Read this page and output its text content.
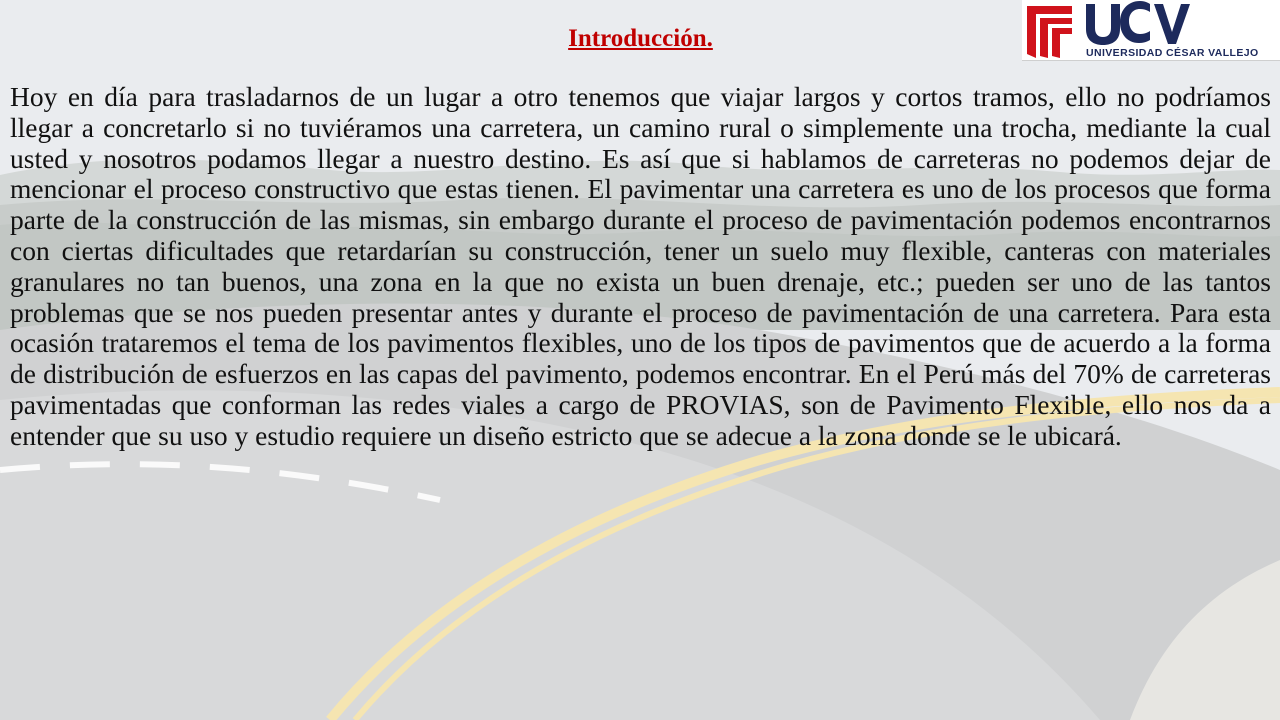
UNIVERSIDAD CÉSAR VALLEJO
Introducción.

Hoy en día para trasladarnos de un lugar a otro tenemos que viajar largos y cortos tramos, ello no podríamos llegar a concretarlo si no tuviéramos una carretera, un camino rural o simplemente una trocha, mediante la cual usted y nosotros podamos llegar a nuestro destino. Es así que si hablamos de carreteras no podemos dejar de mencionar el proceso constructivo que estas tienen. El pavimentar una carretera es uno de los procesos que forma parte de la construcción de las mismas, sin embargo durante el proceso de pavimentación podemos encontrarnos con ciertas dificultades que retardarían su construcción, tener un suelo muy flexible, canteras con materiales granulares no tan buenos, una zona en la que no exista un buen drenaje, etc.; pueden ser uno de las tantos problemas que se nos pueden presentar antes y durante el proceso de pavimentación de una carretera. Para esta ocasión trataremos el tema de los pavimentos flexibles, uno de los tipos de pavimentos que de acuerdo a la forma de distribución de esfuerzos en las capas del pavimento, podemos encontrar. En el Perú más del 70% de carreteras pavimentadas que conforman las redes viales a cargo de PROVIAS, son de Pavimento Flexible, ello nos da a entender que su uso y estudio requiere un diseño estricto que se adecue a la zona donde se le ubicará.
